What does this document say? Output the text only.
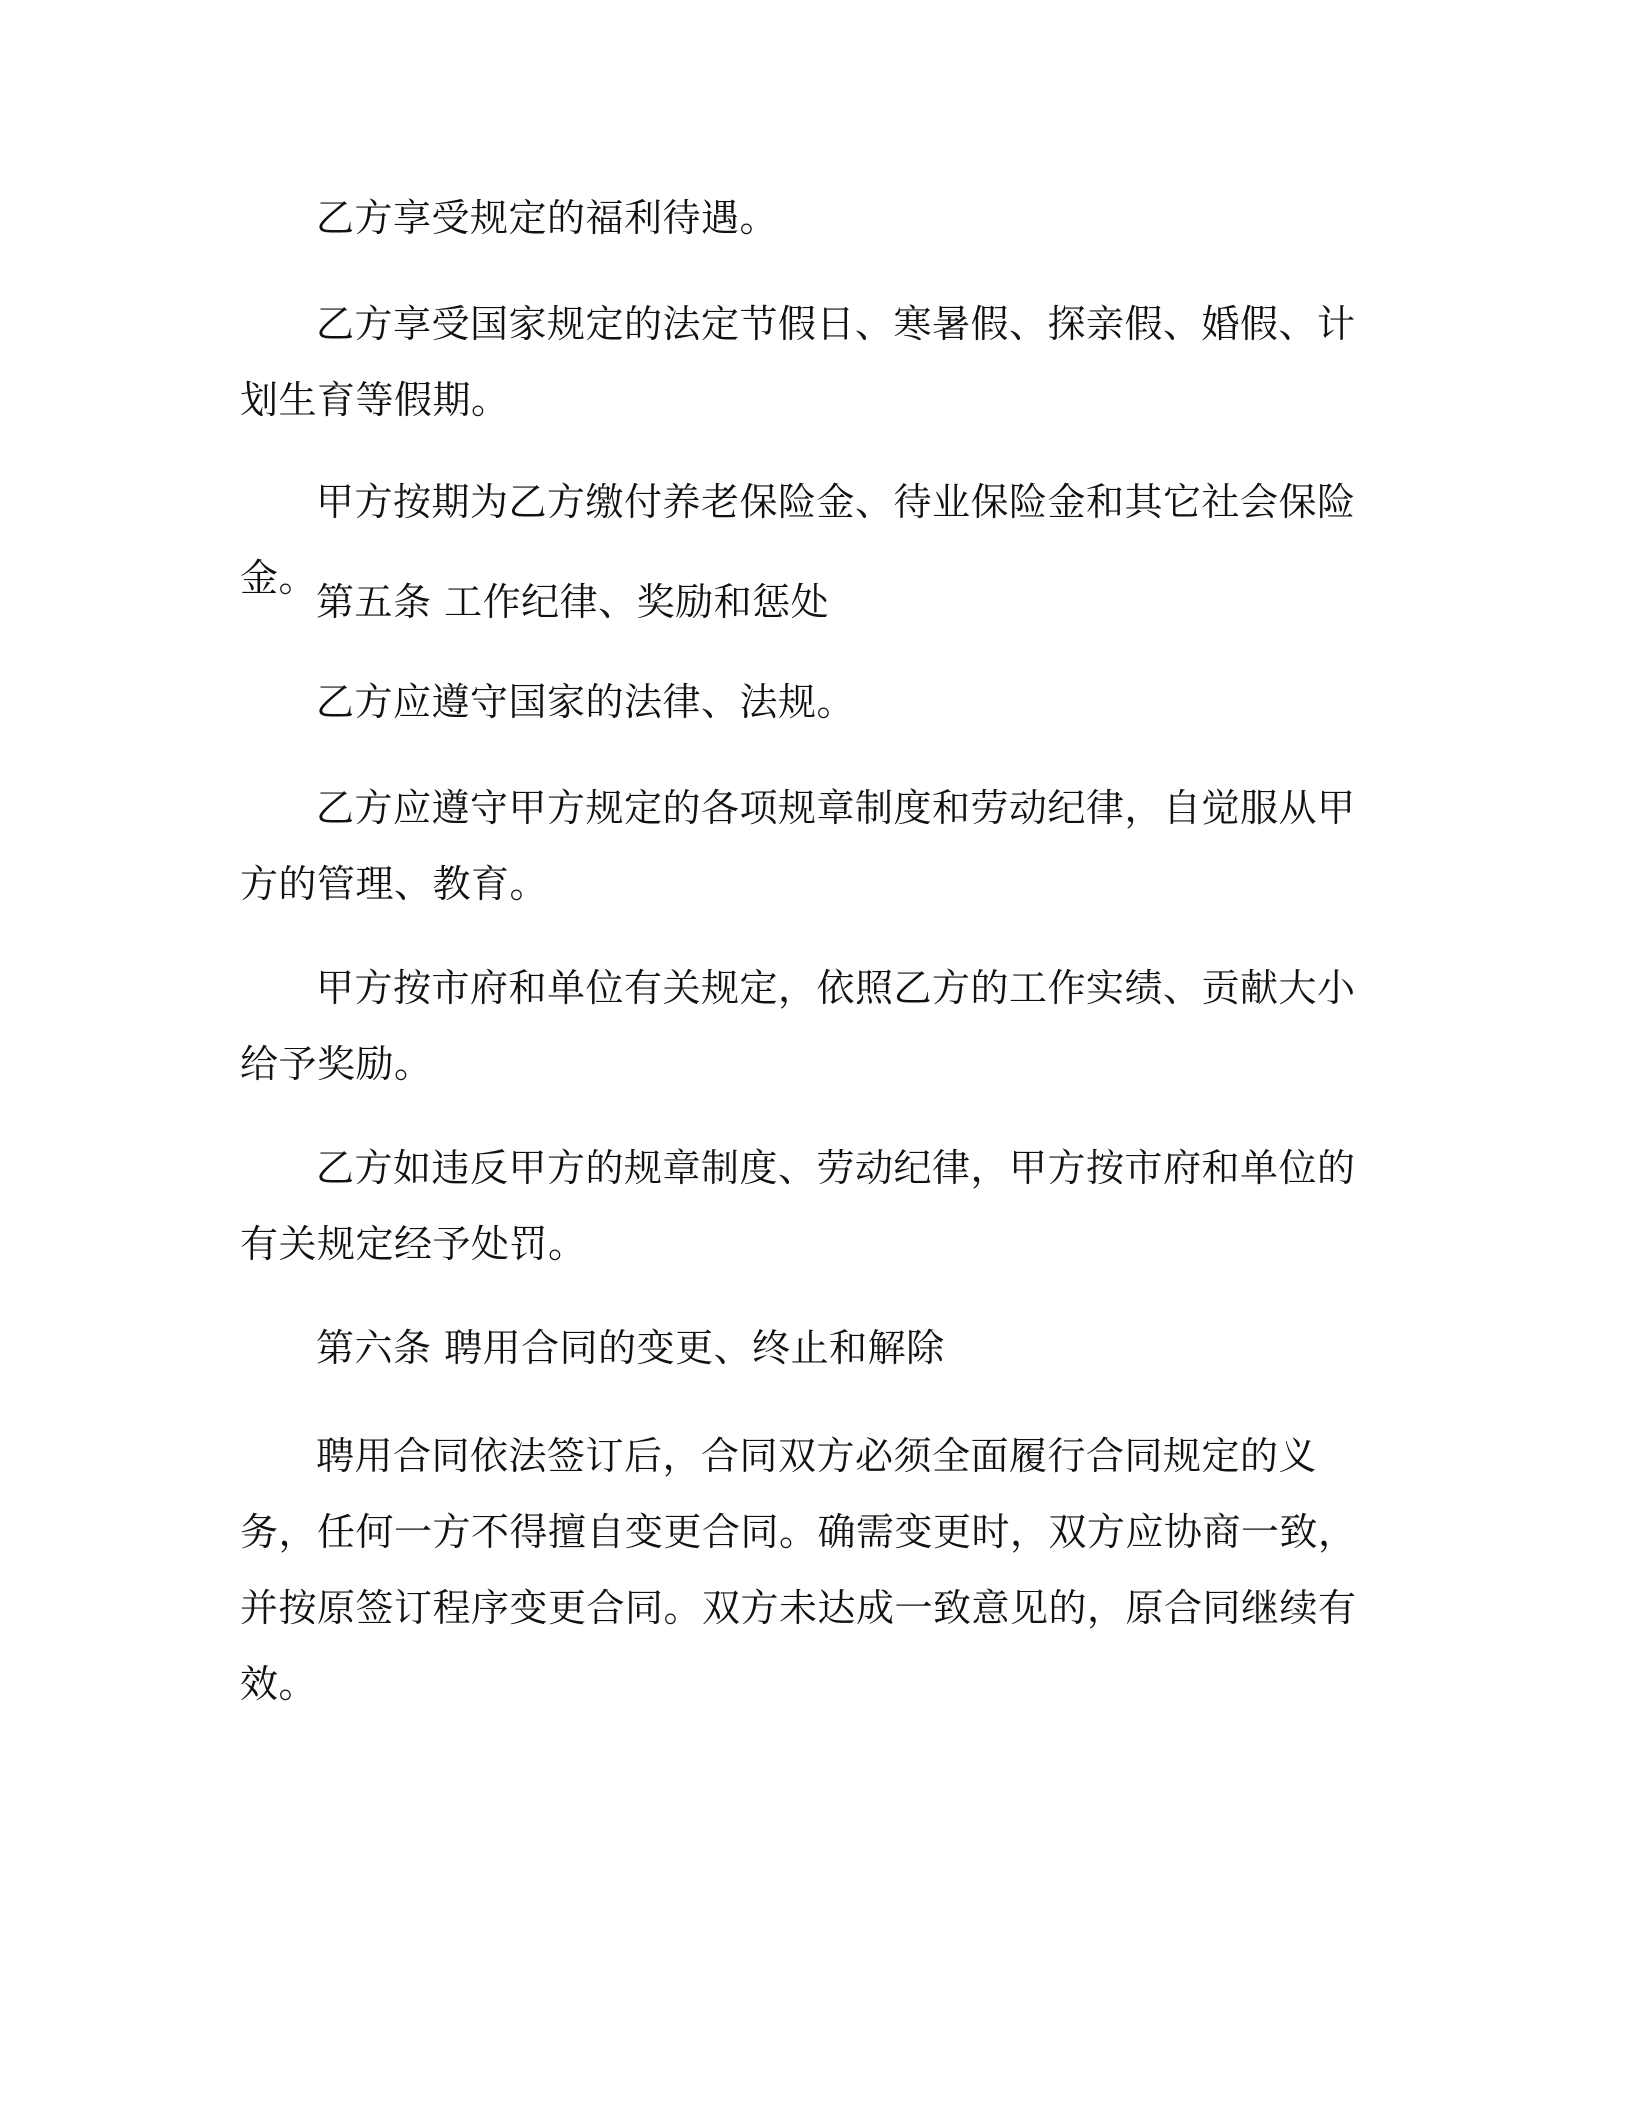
乙方享受规定的福利待遇。

乙方享受国家规定的法定节假日、寒暑假、探亲假、婚假、计划生育等假期。

甲方按期为乙方缴付养老保险金、待业保险金和其它社会保险金。

第五条 工作纪律、奖励和惩处

乙方应遵守国家的法律、法规。

乙方应遵守甲方规定的各项规章制度和劳动纪律，自觉服从甲方的管理、教育。

甲方按市府和单位有关规定，依照乙方的工作实绩、贡献大小给予奖励。

乙方如违反甲方的规章制度、劳动纪律，甲方按市府和单位的有关规定经予处罚。

第六条 聘用合同的变更、终止和解除

聘用合同依法签订后，合同双方必须全面履行合同规定的义务，任何一方不得擅自变更合同。确需变更时，双方应协商一致，并按原签订程序变更合同。双方未达成一致意见的，原合同继续有效。
